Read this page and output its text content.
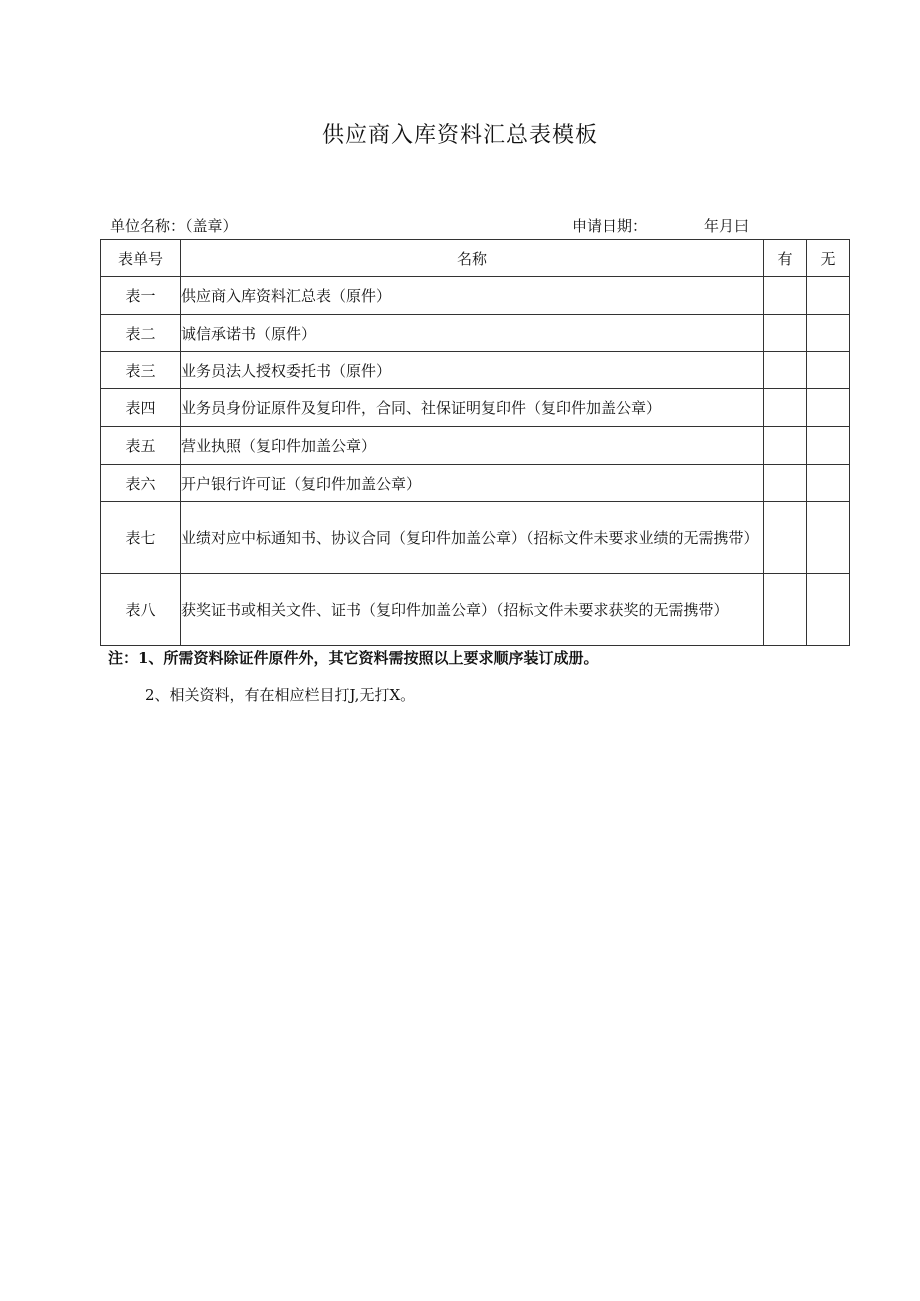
供应商入库资料汇总表模板
单位名称：（盖章）	申请日期：	年月曰
表单号	名称	有	无
表一	供应商入库资料汇总表（原件）		
表二	诚信承诺书（原件）		
表三	业务员法人授权委托书（原件）		
表四	业务员身份证原件及复印件，合同、社保证明复印件（复印件加盖公章）		
表五	营业执照（复印件加盖公章）		
表六	开户银行许可证（复印件加盖公章）		
表七	业绩对应中标通知书、协议合同（复印件加盖公章）（招标文件未要求业绩的无需携带）		

表八	获奖证书或相关文件、证书（复印件加盖公章）（招标文件未要求获奖的无需携带）		

注：1、所需资料除证件原件外，其它资料需按照以上要求顺序装订成册。
2、相关资料，有在相应栏目打J,无打X。
